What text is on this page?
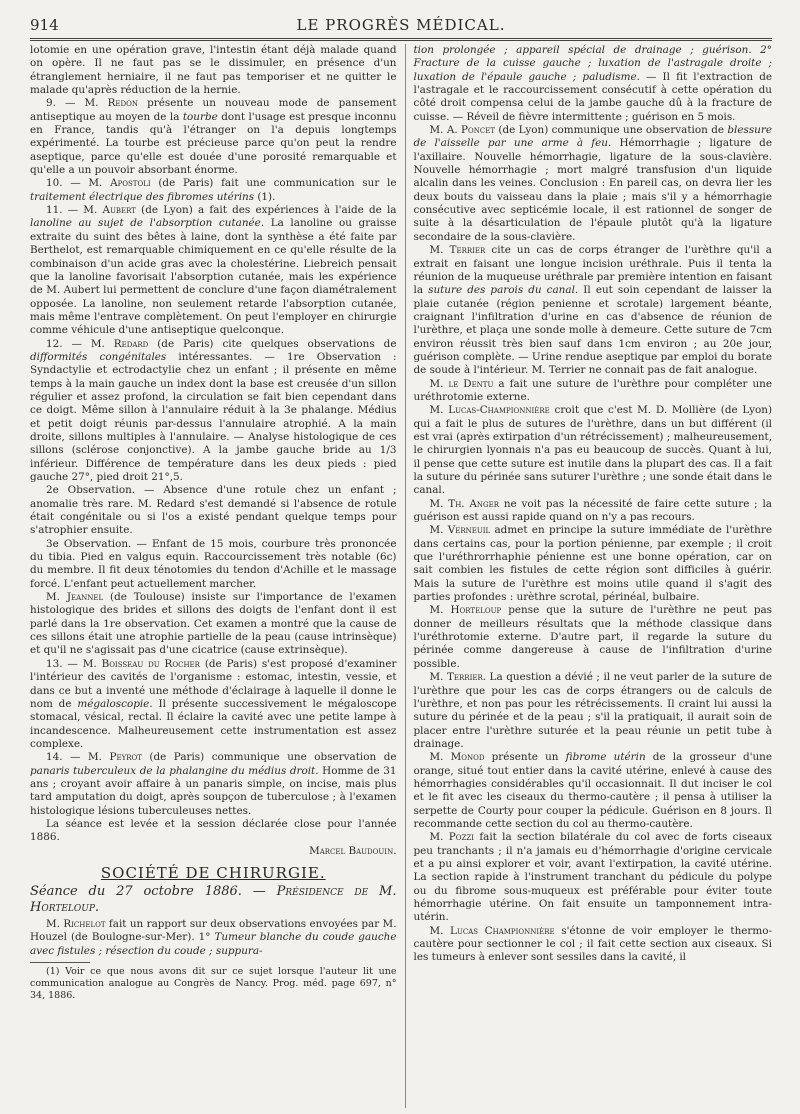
914	LE PROGRÈS MÉDICAL.

lotomie en une opération grave, l'intestin étant déjà malade quand on opère. Il ne faut pas se le dissimuler, en présence d'un étranglement herniaire, il ne faut pas temporiser et ne quitter le malade qu'après réduction de la hernie.

9. — M. Redon présente un nouveau mode de pansement antiseptique au moyen de la tourbe dont l'usage est presque inconnu en France, tandis qu'à l'étranger on l'a depuis longtemps expérimenté. La tourbe est précieuse parce qu'on peut la rendre aseptique, parce qu'elle est douée d'une porosité remarquable et qu'elle a un pouvoir absorbant énorme.

10. — M. Apostoli (de Paris) fait une communication sur le traitement électrique des fibromes utérins (1).

11. — M. Aubert (de Lyon) a fait des expériences à l'aide de la lanoline au sujet de l'absorption cutanée. La lanoline ou graisse extraite du suint des bêtes à laine, dont la synthèse a été faite par Berthelot, est remarquable chimiquement en ce qu'elle résulte de la combinaison d'un acide gras avec la cholestérine. Liebreich pensait que la lanoline favorisait l'absorption cutanée, mais les expérience de M. Aubert lui permettent de conclure d'une façon diamétralement opposée. La lanoline, non seulement retarde l'absorption cutanée, mais même l'entrave complètement. On peut l'employer en chirurgie comme véhicule d'une antiseptique quelconque.

12. — M. Redard (de Paris) cite quelques observations de difformités congénitales intéressantes. — 1re Observation : Syndactylie et ectrodactylie chez un enfant ; il présente en même temps à la main gauche un index dont la base est creusée d'un sillon régulier et assez profond, la circulation se fait bien cependant dans ce doigt. Même sillon à l'annulaire réduit à la 3e phalange. Médius et petit doigt réunis par-dessus l'annulaire atrophié. A la main droite, sillons multiples à l'annulaire. — Analyse histologique de ces sillons (sclérose conjonctive). A la jambe gauche bride au 1/3 inférieur. Différence de température dans les deux pieds : pied gauche 27°, pied droit 21°,5.

2e Observation. — Absence d'une rotule chez un enfant ; anomalie très rare. M. Redard s'est demandé si l'absence de rotule était congénitale ou si l'os a existé pendant quelque temps pour s'atrophier ensuite.

3e Observation. — Enfant de 15 mois, courbure très prononcée du tibia. Pied en valgus equin. Raccourcissement très notable (6c) du membre. Il fit deux ténotomies du tendon d'Achille et le massage forcé. L'enfant peut actuellement marcher.

M. Jeannel (de Toulouse) insiste sur l'importance de l'examen histologique des brides et sillons des doigts de l'enfant dont il est parlé dans la 1re observation. Cet examen a montré que la cause de ces sillons était une atrophie partielle de la peau (cause intrinsèque) et qu'il ne s'agissait pas d'une cicatrice (cause extrinsèque).

13. — M. Boisseau du Rocher (de Paris) s'est proposé d'examiner l'intérieur des cavités de l'organisme : estomac, intestin, vessie, et dans ce but a inventé une méthode d'éclairage à laquelle il donne le nom de mégaloscopie. Il présente successivement le mégaloscope stomacal, vésical, rectal. Il éclaire la cavité avec une petite lampe à incandescence. Malheureusement cette instrumentation est assez complexe.

14. — M. Peyrot (de Paris) communique une observation de panaris tuberculeux de la phalangine du médius droit. Homme de 31 ans ; croyant avoir affaire à un panaris simple, on incise, mais plus tard amputation du doigt, après soupçon de tuberculose ; à l'examen histologique lésions tuberculeuses nettes.

La séance est levée et la session déclarée close pour l'année 1886.

Marcel Baudouin.
SOCIÉTÉ DE CHIRURGIE.

Séance du 27 octobre 1886. — Présidence de M. Horteloup.

M. Richelot fait un rapport sur deux observations envoyées par M. Houzel (de Boulogne-sur-Mer). 1° Tumeur blanche du coude gauche avec fistules ; résection du coude ; suppura-

(1) Voir ce que nous avons dit sur ce sujet lorsque l'auteur lit une communication analogue au Congrès de Nancy. Prog. méd. page 697, n° 34, 1886.

tion prolongée ; appareil spécial de drainage ; guérison. 2° Fracture de la cuisse gauche ; luxation de l'astragale droite ; luxation de l'épaule gauche ; paludisme. — Il fit l'extraction de l'astragale et le raccourcissement consécutif à cette opération du côté droit compensa celui de la jambe gauche dû à la fracture de cuisse. — Réveil de fièvre intermittente ; guérison en 5 mois.

M. A. Poncet (de Lyon) communique une observation de blessure de l'aisselle par une arme à feu. Hémorrhagie ; ligature de l'axillaire. Nouvelle hémorrhagie, ligature de la sous-clavière. Nouvelle hémorrhagie ; mort malgré transfusion d'un liquide alcalin dans les veines. Conclusion : En pareil cas, on devra lier les deux bouts du vaisseau dans la plaie ; mais s'il y a hémorrhagie consécutive avec septicémie locale, il est rationnel de songer de suite à la désarticulation de l'épaule plutôt qu'à la ligature secondaire de la sous-clavière.

M. Terrier cite un cas de corps étranger de l'urèthre qu'il a extrait en faisant une longue incision uréthrale. Puis il tenta la réunion de la muqueuse uréthrale par première intention en faisant la suture des parois du canal. Il eut soin cependant de laisser la plaie cutanée (région penienne et scrotale) largement béante, craignant l'infiltration d'urine en cas d'absence de réunion de l'urèthre, et plaça une sonde molle à demeure. Cette suture de 7cm environ réussit très bien sauf dans 1cm environ ; au 20e jour, guérison complète. — Urine rendue aseptique par emploi du borate de soude à l'intérieur. M. Terrier ne connait pas de fait analogue.

M. le Dentu a fait une suture de l'urèthre pour compléter une uréthrotomie externe.

M. Lucas-Championnière croit que c'est M. D. Mollière (de Lyon) qui a fait le plus de sutures de l'urèthre, dans un but différent (il est vrai (après extirpation d'un rétrécissement) ; malheureusement, le chirurgien lyonnais n'a pas eu beaucoup de succès. Quant à lui, il pense que cette suture est inutile dans la plupart des cas. Il a fait la suture du périnée sans suturer l'urèthre ; une sonde était dans le canal.

M. Th. Anger ne voit pas la nécessité de faire cette suture ; la guérison est aussi rapide quand on n'y a pas recours.

M. Verneuil admet en principe la suture immédiate de l'urèthre dans certains cas, pour la portion pénienne, par exemple ; il croit que l'uréthrorrhaphie pénienne est une bonne opération, car on sait combien les fistules de cette région sont difficiles à guérir. Mais la suture de l'urèthre est moins utile quand il s'agit des parties profondes : urèthre scrotal, périnéal, bulbaire.

M. Horteloup pense que la suture de l'urèthre ne peut pas donner de meilleurs résultats que la méthode classique dans l'uréthrotomie externe. D'autre part, il regarde la suture du périnée comme dangereuse à cause de l'infiltration d'urine possible.

M. Terrier. La question a dévié ; il ne veut parler de la suture de l'urèthre que pour les cas de corps étrangers ou de calculs de l'urèthre, et non pas pour les rétrécissements. Il craint lui aussi la suture du périnée et de la peau ; s'il la pratiquait, il aurait soin de placer entre l'urèthre suturée et la peau réunie un petit tube à drainage.

M. Monod présente un fibrome utérin de la grosseur d'une orange, situé tout entier dans la cavité utérine, enlevé à cause des hémorrhagies considérables qu'il occasionnait. Il dut inciser le col et le fit avec les ciseaux du thermo-cautère ; il pensa à utiliser la serpette de Courty pour couper la pédicule. Guérison en 8 jours. Il recommande cette section du col au thermo-cautère.

M. Pozzi fait la section bilatérale du col avec de forts ciseaux peu tranchants ; il n'a jamais eu d'hémorrhagie d'origine cervicale et a pu ainsi explorer et voir, avant l'extirpation, la cavité utérine. La section rapide à l'instrument tranchant du pédicule du polype ou du fibrome sous-muqueux est préférable pour éviter toute hémorrhagie utérine. On fait ensuite un tamponnement intra-utérin.

M. Lucas Championnière s'étonne de voir employer le thermo-cautère pour sectionner le col ; il fait cette section aux ciseaux. Si les tumeurs à enlever sont sessiles dans la cavité, il
